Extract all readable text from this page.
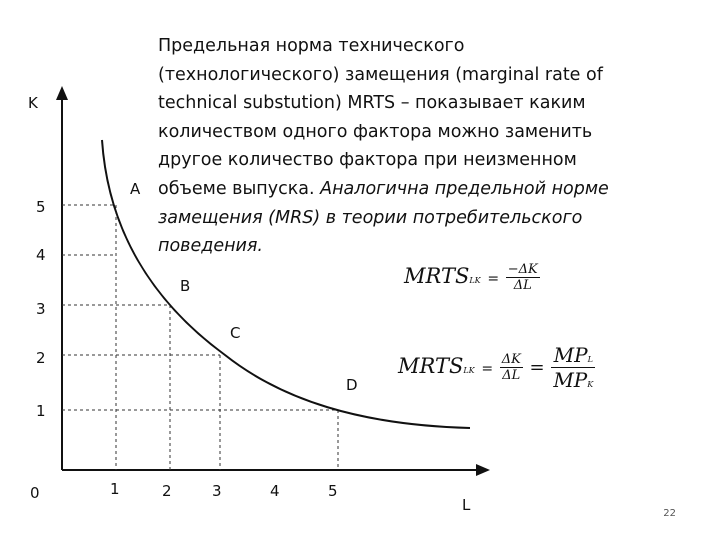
K
L
0
5
4
3
2
1
1	2	3	4	5
A
B
C
D
Предельная норма технического
(технологического) замещения (marginal rate of
technical substution) MRTS – показывает каким
количеством одного фактора можно заменить
другое количество фактора при неизменном
объеме выпуска. Аналогична предельной норме
замещения (MRS) в теории потребительского
поведения.
MRTSLK = $\frac{-\Delta K}{\Delta L}$
MRTSLK = $\frac{\Delta K}{\Delta L} = \frac{\text{MPL}}{\text{MPK}}$
22
